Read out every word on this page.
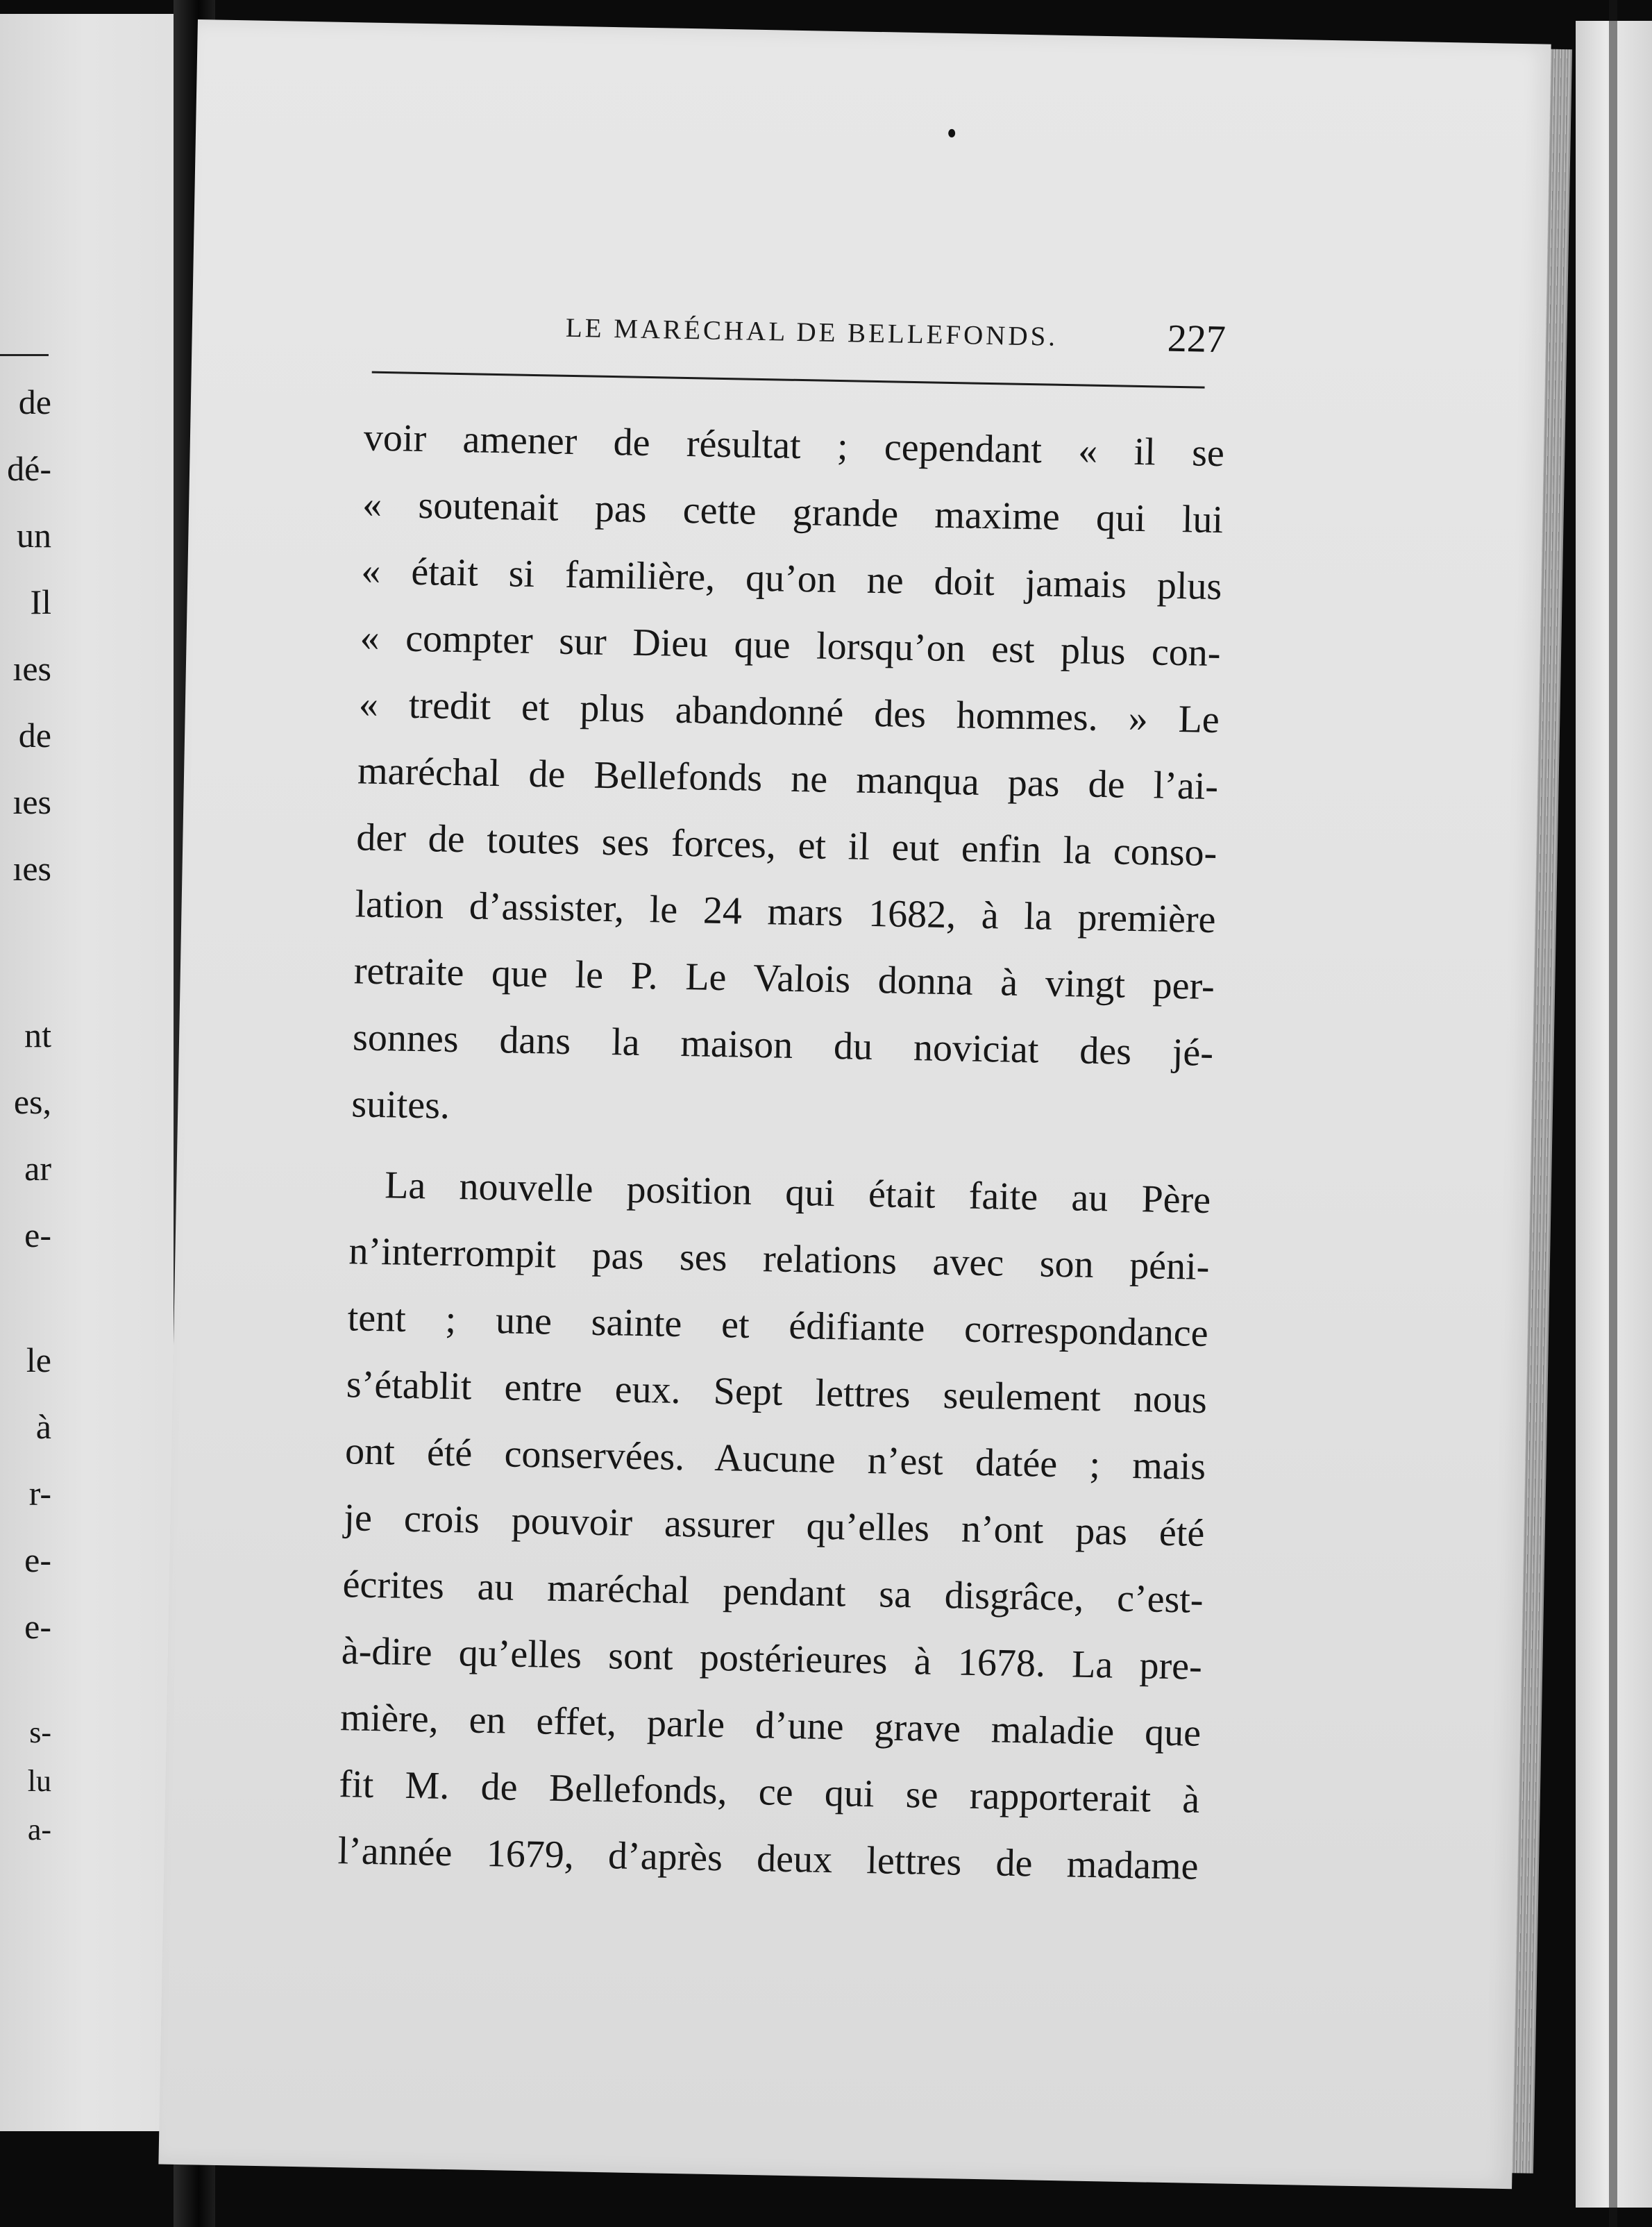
de
dé-
un
Il
ıes
de
ıes
ıes
nt
es,
ar
e-
le
à
r-
e-
e-
s-
lu
a-
LE MARÉCHAL DE BELLEFONDS.	227
voir amener de résultat ; cependant « il se
« soutenait pas cette grande maxime qui lui
« était si familière, qu’on ne doit jamais plus
« compter sur Dieu que lorsqu’on est plus con-
« tredit et plus abandonné des hommes. » Le
maréchal de Bellefonds ne manqua pas de l’ai-
der de toutes ses forces, et il eut enfin la conso-
lation d’assister, le 24 mars 1682, à la première
retraite que le P. Le Valois donna à vingt per-
sonnes dans la maison du noviciat des jé-
suites.
La nouvelle position qui était faite au Père
n’interrompit pas ses relations avec son péni-
tent ; une sainte et édifiante correspondance
s’établit entre eux. Sept lettres seulement nous
ont été conservées. Aucune n’est datée ; mais
je crois pouvoir assurer qu’elles n’ont pas été
écrites au maréchal pendant sa disgrâce, c’est-
à-dire qu’elles sont postérieures à 1678. La pre-
mière, en effet, parle d’une grave maladie que
fit M. de Bellefonds, ce qui se rapporterait à
l’année 1679, d’après deux lettres de madame
